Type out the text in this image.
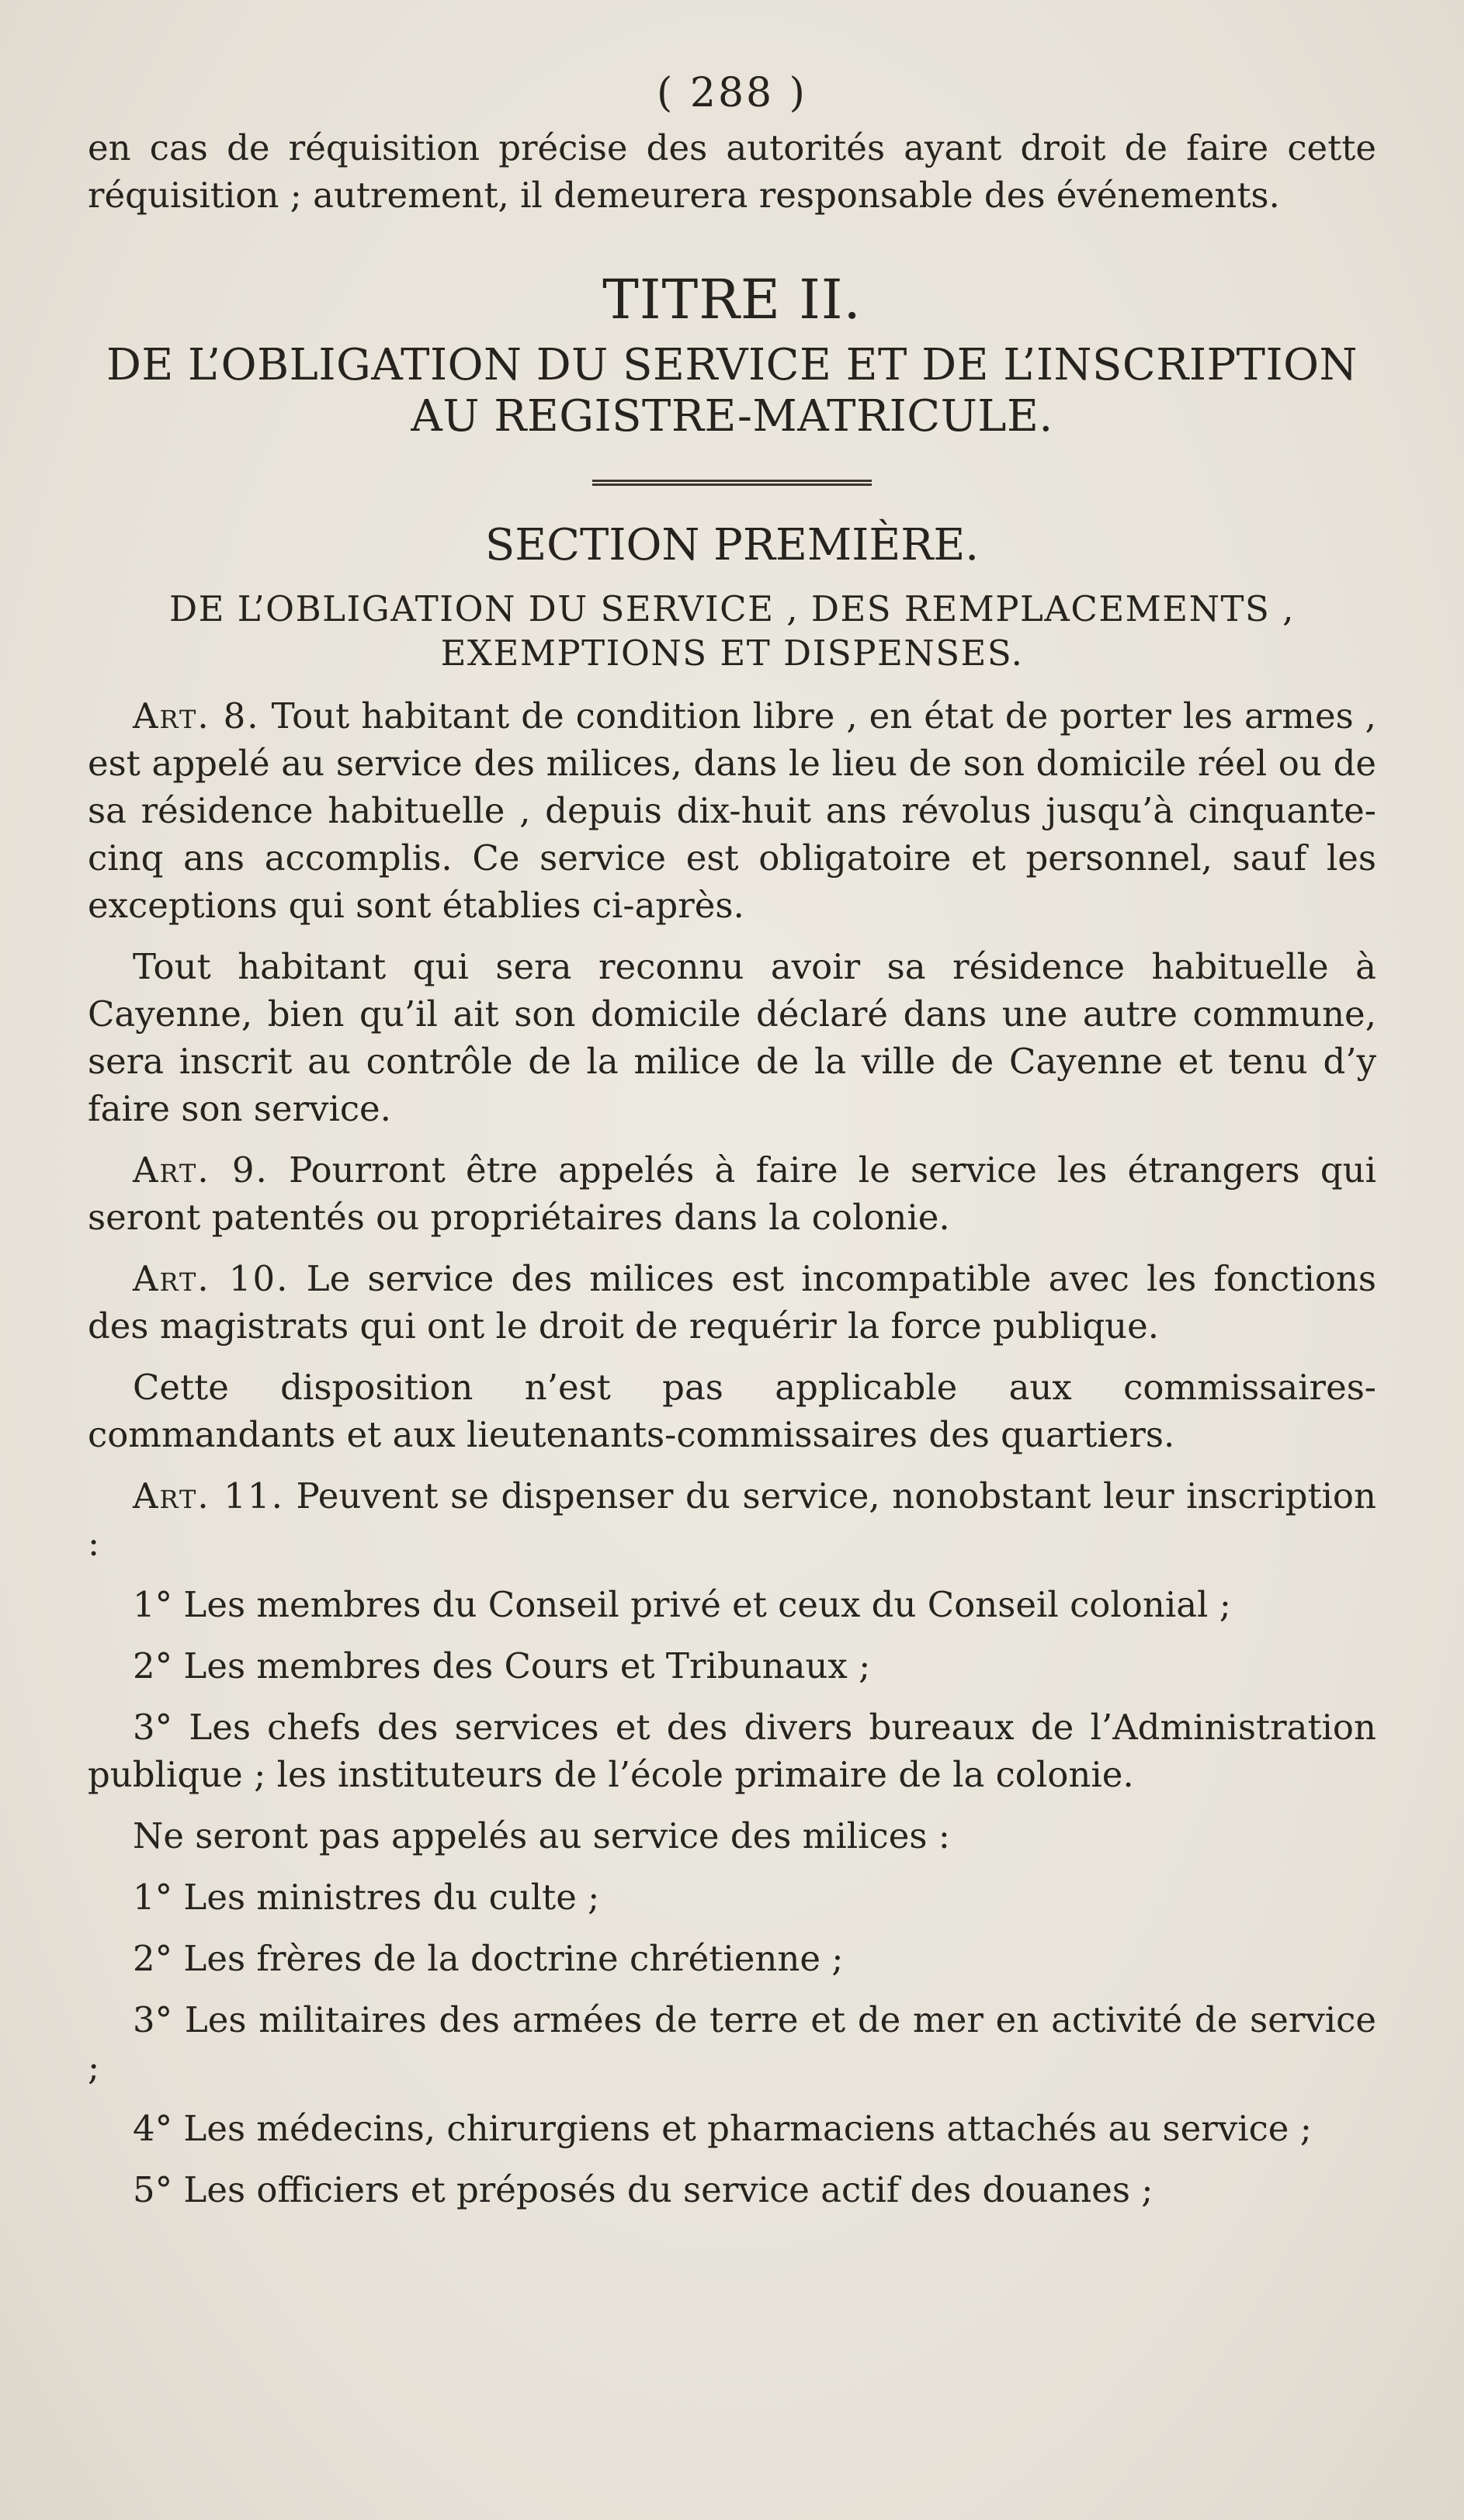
( 288 )

en cas de réquisition précise des autorités ayant droit de faire cette réquisition ; autrement, il demeurera responsable des événements.

TITRE II.
DE L’OBLIGATION DU SERVICE ET DE L’INSCRIPTION AU REGISTRE-MATRICULE.
SECTION PREMIÈRE.
DE L’OBLIGATION DU SERVICE , DES REMPLACEMENTS , EXEMPTIONS ET DISPENSES.

Art. 8. Tout habitant de condition libre , en état de porter les armes , est appelé au service des milices, dans le lieu de son domicile réel ou de sa résidence habituelle , depuis dix-huit ans révolus jusqu’à cinquante-cinq ans accomplis. Ce service est obligatoire et personnel, sauf les exceptions qui sont établies ci-après.

Tout habitant qui sera reconnu avoir sa résidence habituelle à Cayenne, bien qu’il ait son domicile déclaré dans une autre commune, sera inscrit au contrôle de la milice de la ville de Cayenne et tenu d’y faire son service.

Art. 9. Pourront être appelés à faire le service les étrangers qui seront patentés ou propriétaires dans la colonie.

Art. 10. Le service des milices est incompatible avec les fonctions des magistrats qui ont le droit de requérir la force publique.

Cette disposition n’est pas applicable aux commissaires-commandants et aux lieutenants-commissaires des quartiers.

Art. 11. Peuvent se dispenser du service, nonobstant leur inscription :

1° Les membres du Conseil privé et ceux du Conseil colonial ;

2° Les membres des Cours et Tribunaux ;

3° Les chefs des services et des divers bureaux de l’Administration publique ; les instituteurs de l’école primaire de la colonie.

Ne seront pas appelés au service des milices :

1° Les ministres du culte ;

2° Les frères de la doctrine chrétienne ;

3° Les militaires des armées de terre et de mer en activité de service ;

4° Les médecins, chirurgiens et pharmaciens attachés au service ;

5° Les officiers et préposés du service actif des douanes ;
